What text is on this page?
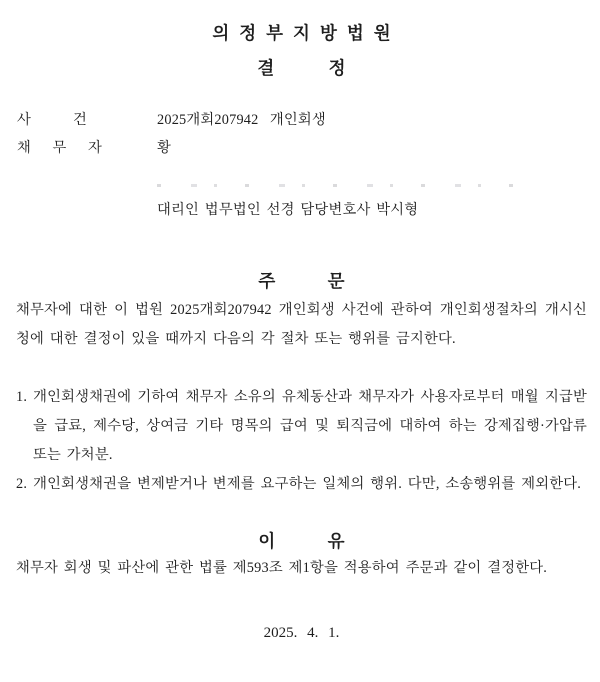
의정부지방법원
결 정
사	건	2025개회207942   개인회생
채 무 자	황
대리인 법무법인 선경 담당변호사 박시형
주 문
채무자에 대한 이 법원 2025개회207942 개인회생 사건에 관하여 개인회생절차의 개시신청에 대한 결정이 있을 때까지 다음의 각 절차 또는 행위를 금지한다.
1. 개인회생채권에 기하여 채무자 소유의 유체동산과 채무자가 사용자로부터 매월 지급받을 급료, 제수당, 상여금 기타 명목의 급여 및 퇴직금에 대하여 하는 강제집행·가압류 또는 가처분.
2. 개인회생채권을 변제받거나 변제를 요구하는 일체의 행위. 다만, 소송행위를 제외한다.
이 유
채무자 회생 및 파산에 관한 법률 제593조 제1항을 적용하여 주문과 같이 결정한다.
2025. 4. 1.
